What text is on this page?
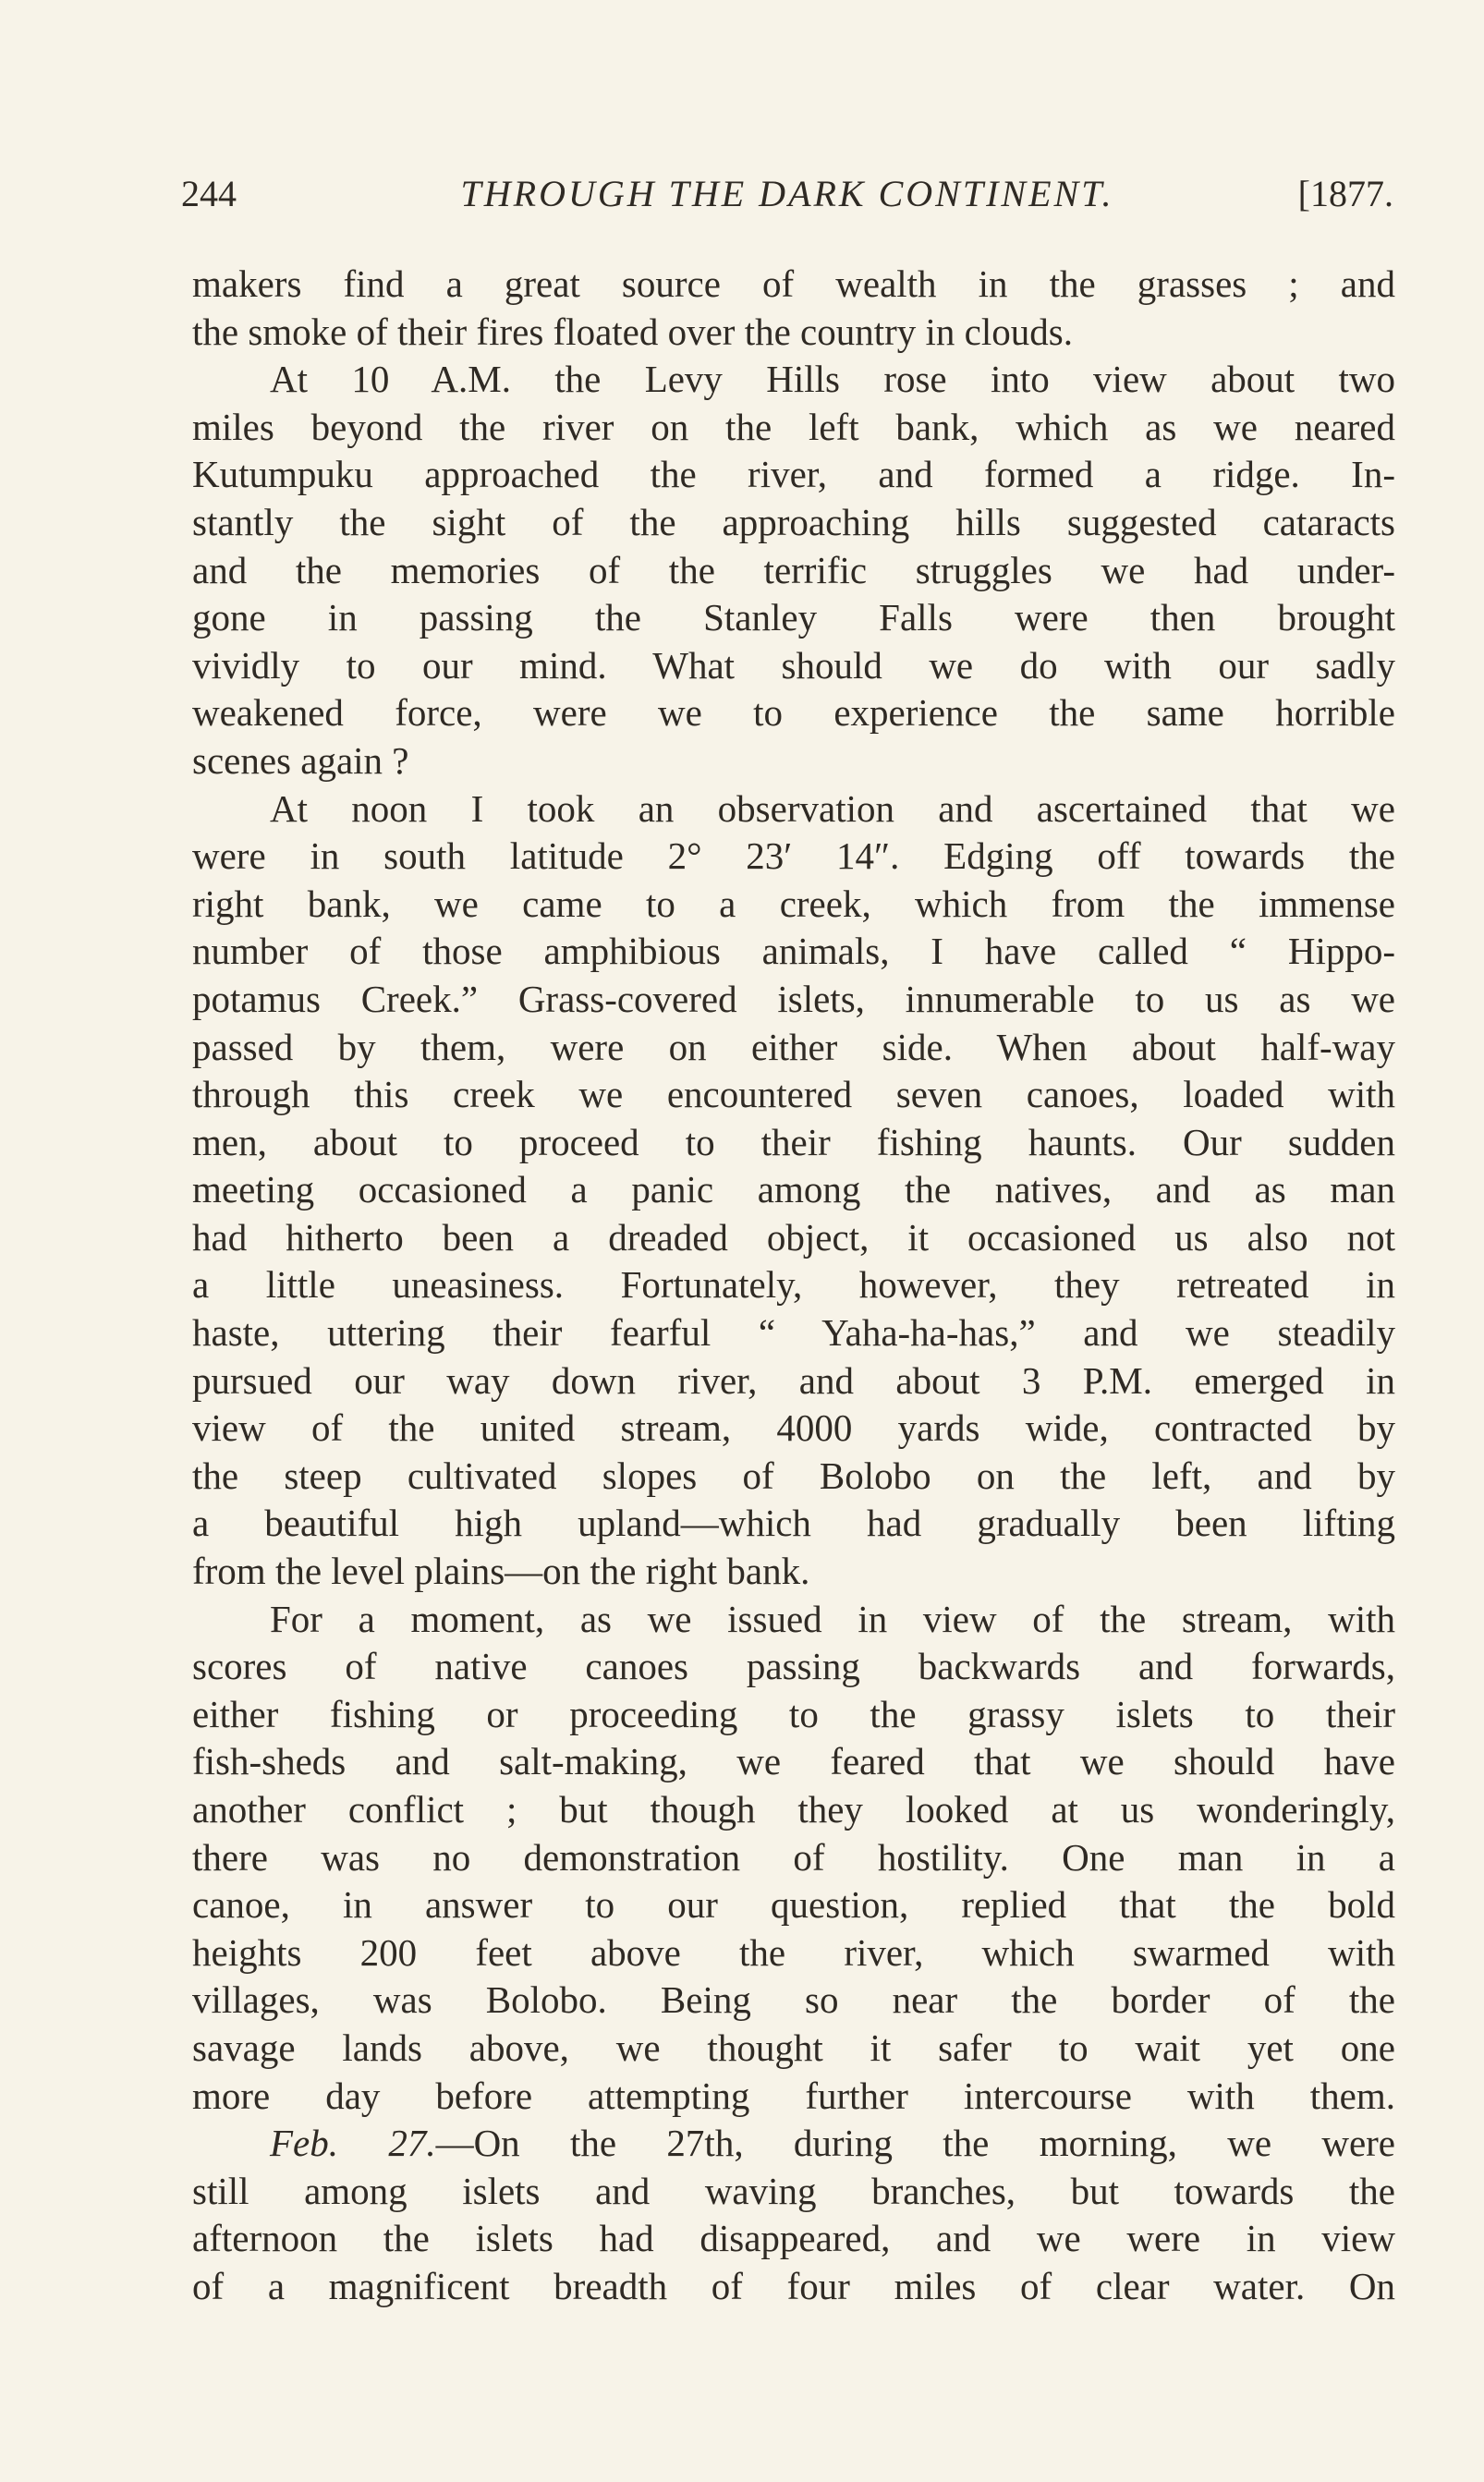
244	THROUGH THE DARK CONTINENT.	[1877.
makers find a great source of wealth in the grasses ; and
the smoke of their fires floated over the country in clouds.
At 10 A.M. the Levy Hills rose into view about two
miles beyond the river on the left bank, which as we neared
Kutumpuku approached the river, and formed a ridge. In-
stantly the sight of the approaching hills suggested cataracts
and the memories of the terrific struggles we had under-
gone in passing the Stanley Falls were then brought
vividly to our mind. What should we do with our sadly
weakened force, were we to experience the same horrible
scenes again ?
At noon I took an observation and ascertained that we
were in south latitude 2° 23′ 14″. Edging off towards the
right bank, we came to a creek, which from the immense
number of those amphibious animals, I have called “ Hippo-
potamus Creek.” Grass-covered islets, innumerable to us as we
passed by them, were on either side. When about half-way
through this creek we encountered seven canoes, loaded with
men, about to proceed to their fishing haunts. Our sudden
meeting occasioned a panic among the natives, and as man
had hitherto been a dreaded object, it occasioned us also not
a little uneasiness. Fortunately, however, they retreated in
haste, uttering their fearful “ Yaha-ha-has,” and we steadily
pursued our way down river, and about 3 P.M. emerged in
view of the united stream, 4000 yards wide, contracted by
the steep cultivated slopes of Bolobo on the left, and by
a beautiful high upland—which had gradually been lifting
from the level plains—on the right bank.
For a moment, as we issued in view of the stream, with
scores of native canoes passing backwards and forwards,
either fishing or proceeding to the grassy islets to their
fish-sheds and salt-making, we feared that we should have
another conflict ; but though they looked at us wonderingly,
there was no demonstration of hostility. One man in a
canoe, in answer to our question, replied that the bold
heights 200 feet above the river, which swarmed with
villages, was Bolobo. Being so near the border of the
savage lands above, we thought it safer to wait yet one
more day before attempting further intercourse with them.
Feb. 27.—On the 27th, during the morning, we were
still among islets and waving branches, but towards the
afternoon the islets had disappeared, and we were in view
of a magnificent breadth of four miles of clear water. On
